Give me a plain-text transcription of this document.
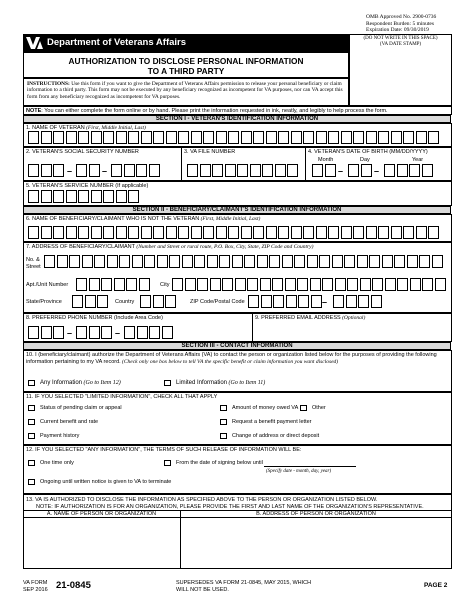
OMB Approved No. 2900-0736
Respondent Burden: 5 minutes
Expiration Date: 09/30/2019
Department of Veterans Affairs	(DO NOT WRITE IN THIS SPACE)
(VA DATE STAMP)
AUTHORIZATION TO DISCLOSE PERSONAL INFORMATION
TO A THIRD PARTY
INSTRUCTIONS: Use this form if you want to give the Department of Veterans Affairs permission to release your personal beneficiary or claim information to a third party. This form may not be executed by any beneficiary recognized as incompetent for VA purposes, nor can VA accept this form from any beneficiary recognized as incompetent for VA purposes.
NOTE: You can either complete the form online or by hand. Please print the information requested in ink, neatly, and legibly to help process the form.
SECTION I - VETERAN'S IDENTIFICATION INFORMATION
1. NAME OF VETERAN (First, Middle Initial, Last)
2. VETERAN'S SOCIAL SECURITY NUMBER	3. VA FILE NUMBER	4. VETERAN'S DATE OF BIRTH (MM/DD/YYYY)
Month	Day	Year
–	–	–	–
5. VETERAN'S SERVICE NUMBER (If applicable)
SECTION II - BENEFICIARY/CLAIMANT'S IDENTIFICATION INFORMATION
6. NAME OF BENEFICIARY/CLAIMANT WHO IS NOT THE VETERAN (First, Middle Initial, Last)
7. ADDRESS OF BENEFICIARY/CLAIMANT (Number and Street or rural route, P.O. Box, City, State, ZIP Code and Country)
No. &
Street
Apt./Unit Number	City
State/Province	Country	ZIP Code/Postal Code	–
8. PREFERRED PHONE NUMBER (Include Area Code)	9. PREFERRED EMAIL ADDRESS (Optional)
–	–
SECTION III - CONTACT INFORMATION
10. I (beneficiary/claimant) authorize the Department of Veterans Affairs (VA) to contact the person or organization listed below for the purposes of providing the following information pertaining to my VA record. (Check only one box below to tell VA the specific benefit or claim information you want disclosed)
Any Information (Go to Item 12)	Limited Information (Go to Item 11)
11. IF YOU SELECTED "LIMITED INFORMATION", CHECK ALL THAT APPLY
Status of pending claim or appeal	Amount of money owed VA	Other
Current benefit and rate	Request a benefit payment letter
Payment history	Change of address or direct deposit
12. IF YOU SELECTED "ANY INFORMATION", THE TERMS OF SUCH RELEASE OF INFORMATION WILL BE:
One time only	From the date of signing below until
(Specify date - month, day, year)
Ongoing until written notice is given to VA to terminate
13. VA IS AUTHORIZED TO DISCLOSE THE INFORMATION AS SPECIFIED ABOVE TO THE PERSON OR ORGANIZATION LISTED BELOW.
NOTE: IF AUTHORIZATION IS FOR AN ORGANIZATION, PLEASE PROVIDE THE FIRST AND LAST NAME OF THE ORGANIZATION'S REPRESENTATIVE.
A. NAME OF PERSON OR ORGANIZATION	B. ADDRESS OF PERSON OR ORGANIZATION
VA FORM
SEP 2016 21-0845	SUPERSEDES VA FORM 21-0845, MAY 2015, WHICH
WILL NOT BE USED.
PAGE 2
